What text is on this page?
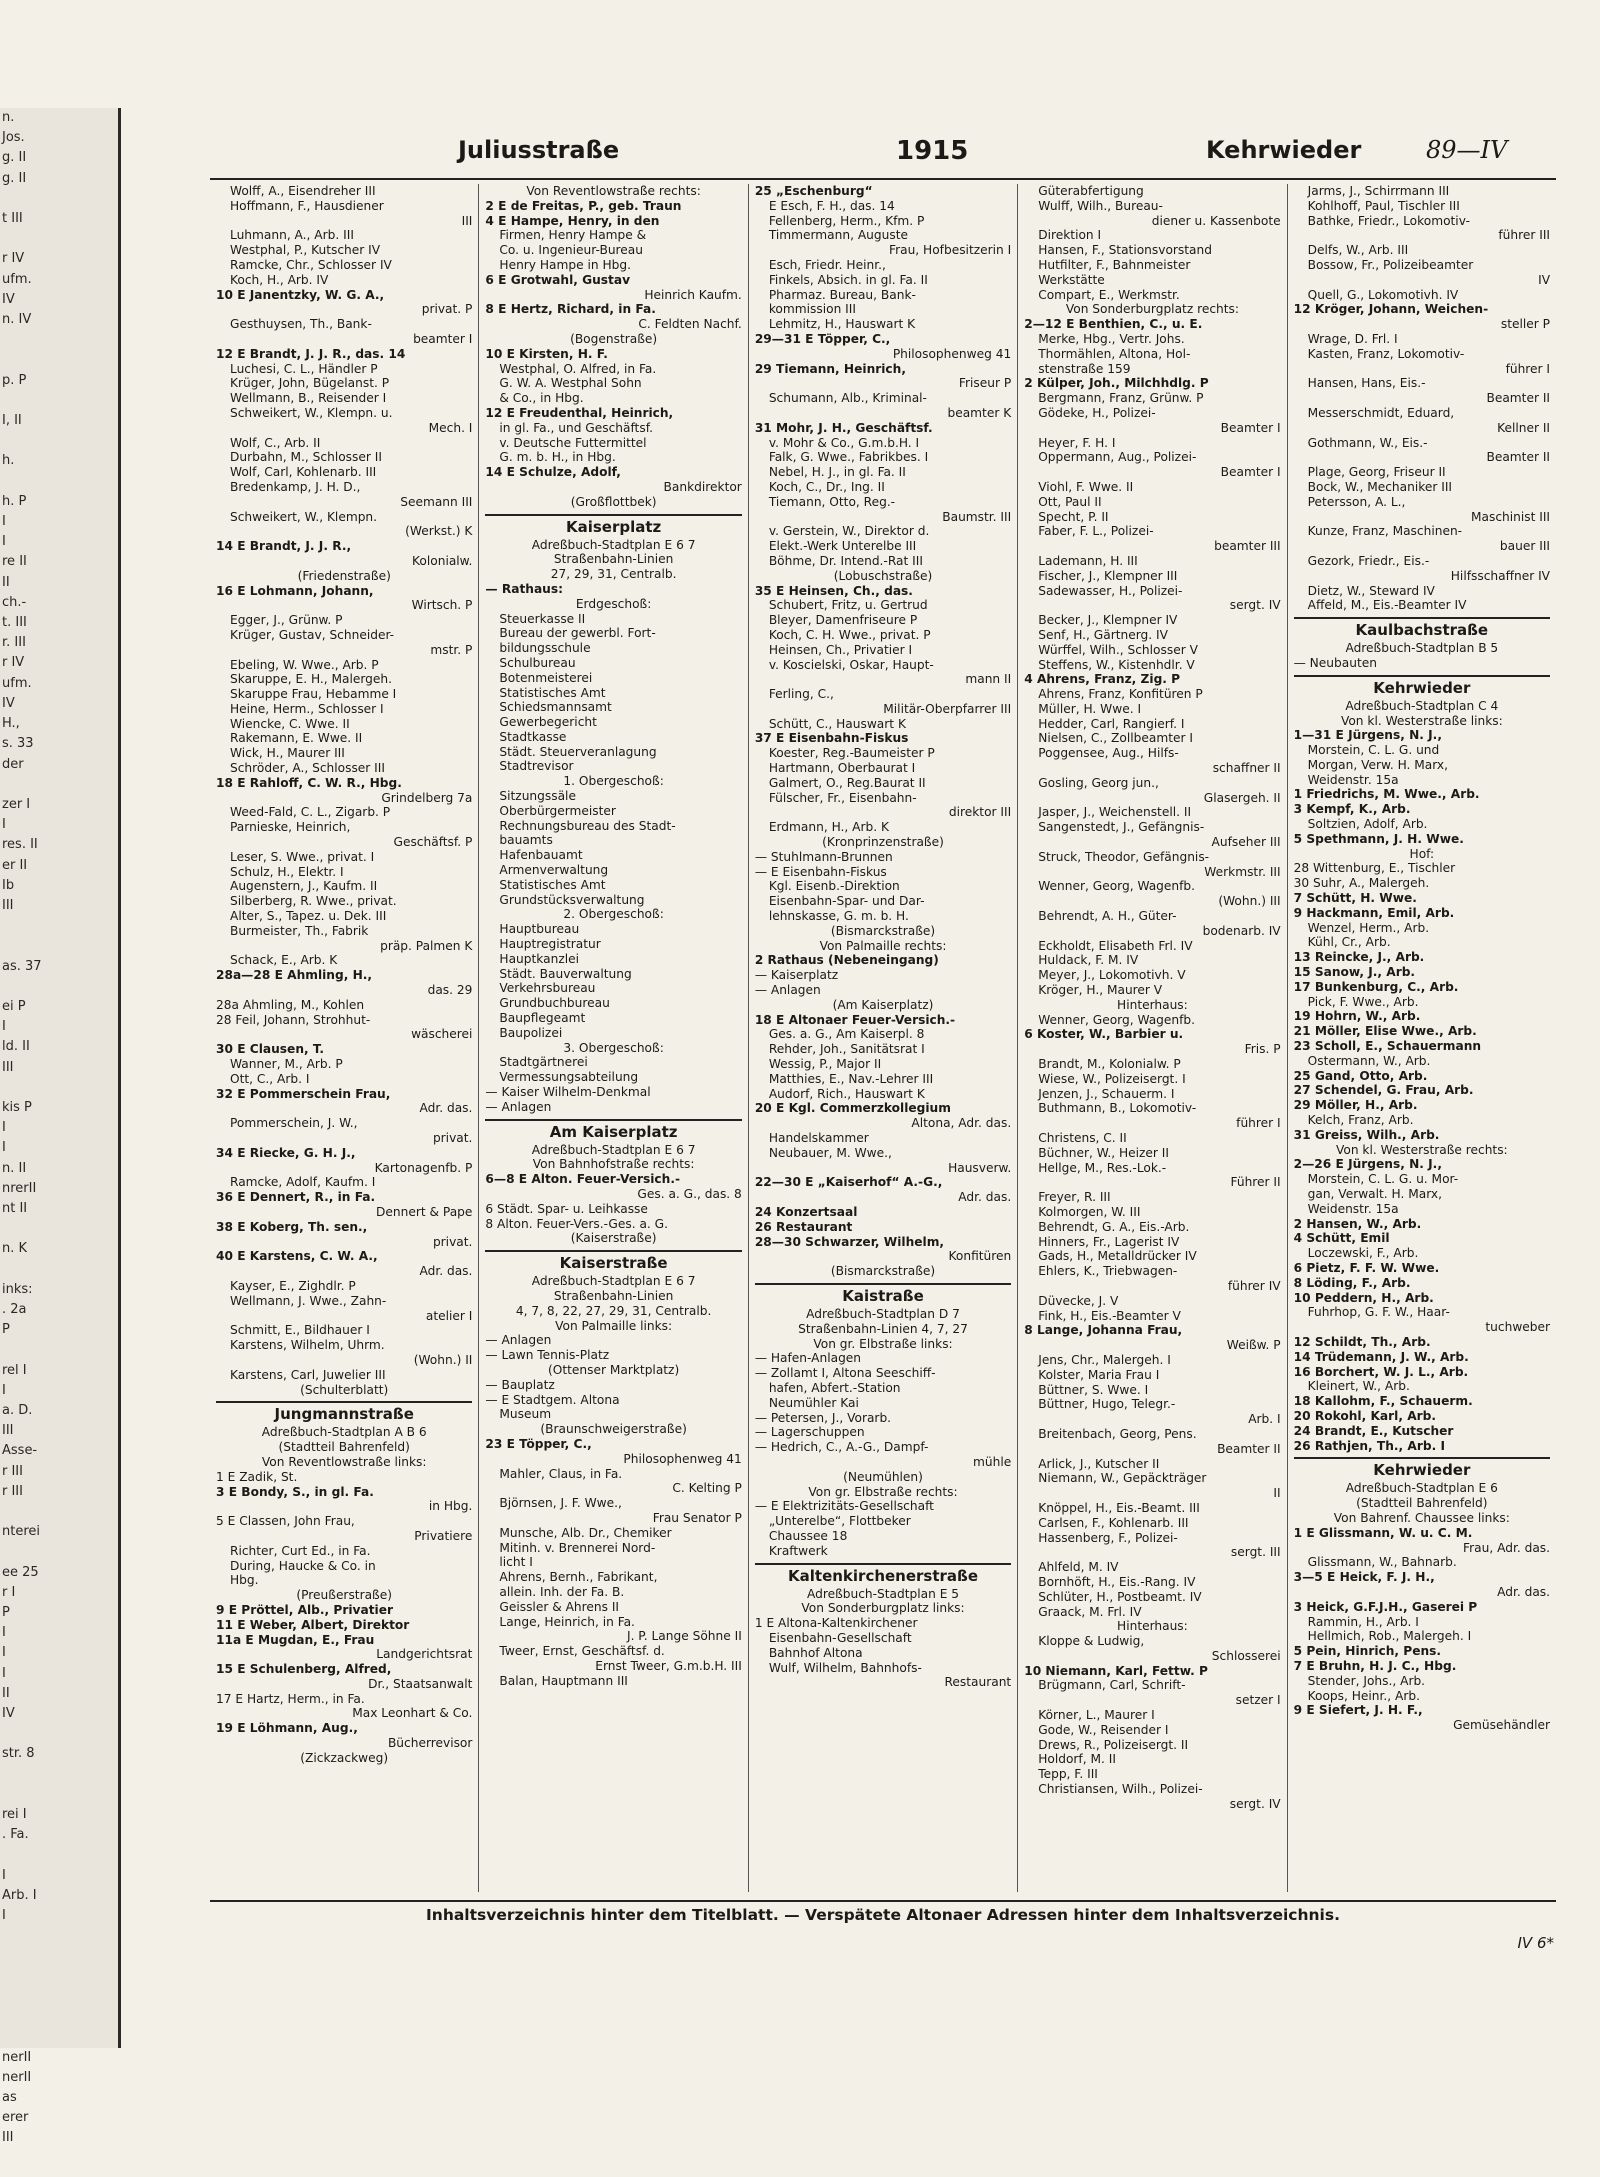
n.
Jos.
g. II
g. II

t III

r IV
ufm.
IV
n. IV

p. P

I, II

h.

h. P
I
I
re II
II
ch.-
t. III
r. III
r IV
ufm.
IV
H.,
s. 33
der

zer I
I
res. II
er II
Ib
III

as. 37

ei P
I
ld. II
III

kis P
I
I
n. II
nrerII
nt II

n. K

inks:
. 2a
P

rel I
I
a. D.
III
Asse-
r III
r III

nterei

ee 25
r I
P
I
I
I
II
IV

str. 8

rei I
. Fa.

I
Arb. I
I

nerII
nerII
as
erer
III
Juliusstraße	1915	Kehrwieder	89—IV
Wolff, A., Eisendreher III
Hoffmann, F., Hausdiener
III
Luhmann, A., Arb. III
Westphal, P., Kutscher IV
Ramcke, Chr., Schlosser IV
Koch, H., Arb. IV
10 E Janentzky, W. G. A.,
privat. P
Gesthuysen, Th., Bank-
beamter I
12 E Brandt, J. J. R., das. 14
Luchesi, C. L., Händler P
Krüger, John, Bügelanst. P
Wellmann, B., Reisender I
Schweikert, W., Klempn. u.
Mech. I
Wolf, C., Arb. II
Durbahn, M., Schlosser II
Wolf, Carl, Kohlenarb. III
Bredenkamp, J. H. D.,
Seemann III
Schweikert, W., Klempn.
(Werkst.) K
14 E Brandt, J. J. R.,
Kolonialw.
(Friedenstraße)
16 E Lohmann, Johann,
Wirtsch. P
Egger, J., Grünw. P
Krüger, Gustav, Schneider-
mstr. P
Ebeling, W. Wwe., Arb. P
Skaruppe, E. H., Malergeh.
Skaruppe Frau, Hebamme I
Heine, Herm., Schlosser I
Wiencke, C. Wwe. II
Rakemann, E. Wwe. II
Wick, H., Maurer III
Schröder, A., Schlosser III
18 E Rahloff, C. W. R., Hbg.
Grindelberg 7a
Weed-Fald, C. L., Zigarb. P
Parnieske, Heinrich,
Geschäftsf. P
Leser, S. Wwe., privat. I
Schulz, H., Elektr. I
Augenstern, J., Kaufm. II
Silberberg, R. Wwe., privat.
Alter, S., Tapez. u. Dek. III
Burmeister, Th., Fabrik
präp. Palmen K
Schack, E., Arb. K
28a—28 E Ahmling, H.,
das. 29
28a Ahmling, M., Kohlen
28 Feil, Johann, Strohhut-
wäscherei
30 E Clausen, T.
Wanner, M., Arb. P
Ott, C., Arb. I
32 E Pommerschein Frau,
Adr. das.
Pommerschein, J. W.,
privat.
34 E Riecke, G. H. J.,
Kartonagenfb. P
Ramcke, Adolf, Kaufm. I
36 E Dennert, R., in Fa.
Dennert & Pape
38 E Koberg, Th. sen.,
privat.
40 E Karstens, C. W. A.,
Adr. das.
Kayser, E., Zighdlr. P
Wellmann, J. Wwe., Zahn-
atelier I
Schmitt, E., Bildhauer I
Karstens, Wilhelm, Uhrm.
(Wohn.) II
Karstens, Carl, Juwelier III
(Schulterblatt)
Jungmannstraße
Adreßbuch-Stadtplan A B 6
(Stadtteil Bahrenfeld)
Von Reventlowstraße links:
1 E Zadik, St.
3 E Bondy, S., in gl. Fa.
in Hbg.
5 E Classen, John Frau,
Privatiere
Richter, Curt Ed., in Fa.
During, Haucke & Co. in
Hbg.
(Preußerstraße)
9 E Pröttel, Alb., Privatier
11 E Weber, Albert, Direktor
11a E Mugdan, E., Frau
Landgerichtsrat
15 E Schulenberg, Alfred,
Dr., Staatsanwalt
17 E Hartz, Herm., in Fa.
Max Leonhart & Co.
19 E Löhmann, Aug.,
Bücherrevisor
(Zickzackweg)
Von Reventlowstraße rechts:
2 E de Freitas, P., geb. Traun
4 E Hampe, Henry, in den
Firmen, Henry Hampe &
Co. u. Ingenieur-Bureau
Henry Hampe in Hbg.
6 E Grotwahl, Gustav
Heinrich Kaufm.
8 E Hertz, Richard, in Fa.
C. Feldten Nachf.
(Bogenstraße)
10 E Kirsten, H. F.
Westphal, O. Alfred, in Fa.
G. W. A. Westphal Sohn
& Co., in Hbg.
12 E Freudenthal, Heinrich,
in gl. Fa., und Geschäftsf.
v. Deutsche Futtermittel
G. m. b. H., in Hbg.
14 E Schulze, Adolf,
Bankdirektor
(Großflottbek)
Kaiserplatz
Adreßbuch-Stadtplan E 6 7
Straßenbahn-Linien
27, 29, 31, Centralb.
— Rathaus:
Erdgeschoß:
Steuerkasse II
Bureau der gewerbl. Fort-
bildungsschule
Schulbureau
Botenmeisterei
Statistisches Amt
Schiedsmannsamt
Gewerbegericht
Stadtkasse
Städt. Steuerveranlagung
Stadtrevisor
1. Obergeschoß:
Sitzungssäle
Oberbürgermeister
Rechnungsbureau des Stadt-
bauamts
Hafenbauamt
Armenverwaltung
Statistisches Amt
Grundstücksverwaltung
2. Obergeschoß:
Hauptbureau
Hauptregistratur
Hauptkanzlei
Städt. Bauverwaltung
Verkehrsbureau
Grundbuchbureau
Baupflegeamt
Baupolizei
3. Obergeschoß:
Stadtgärtnerei
Vermessungsabteilung
— Kaiser Wilhelm-Denkmal
— Anlagen
Am Kaiserplatz
Adreßbuch-Stadtplan E 6 7
Von Bahnhofstraße rechts:
6—8 E Alton. Feuer-Versich.-
Ges. a. G., das. 8
6 Städt. Spar- u. Leihkasse
8 Alton. Feuer-Vers.-Ges. a. G.
(Kaiserstraße)
Kaiserstraße
Adreßbuch-Stadtplan E 6 7
Straßenbahn-Linien
4, 7, 8, 22, 27, 29, 31, Centralb.
Von Palmaille links:
— Anlagen
— Lawn Tennis-Platz
(Ottenser Marktplatz)
— Bauplatz
— E Stadtgem. Altona
Museum
(Braunschweigerstraße)
23 E Töpper, C.,
Philosophenweg 41
Mahler, Claus, in Fa.
C. Kelting P
Björnsen, J. F. Wwe.,
Frau Senator P
Munsche, Alb. Dr., Chemiker
Mitinh. v. Brennerei Nord-
licht I
Ahrens, Bernh., Fabrikant,
allein. Inh. der Fa. B.
Geissler & Ahrens II
Lange, Heinrich, in Fa.
J. P. Lange Söhne II
Tweer, Ernst, Geschäftsf. d.
Ernst Tweer, G.m.b.H. III
Balan, Hauptmann III
25 „Eschenburg“
E Esch, F. H., das. 14
Fellenberg, Herm., Kfm. P
Timmermann, Auguste
Frau, Hofbesitzerin I
Esch, Friedr. Heinr.,
Finkels, Absich. in gl. Fa. II
Pharmaz. Bureau, Bank-
kommission III
Lehmitz, H., Hauswart K
29—31 E Töpper, C.,
Philosophenweg 41
29 Tiemann, Heinrich,
Friseur P
Schumann, Alb., Kriminal-
beamter K
31 Mohr, J. H., Geschäftsf.
v. Mohr & Co., G.m.b.H. I
Falk, G. Wwe., Fabrikbes. I
Nebel, H. J., in gl. Fa. II
Koch, C., Dr., Ing. II
Tiemann, Otto, Reg.-
Baumstr. III
v. Gerstein, W., Direktor d.
Elekt.-Werk Unterelbe III
Böhme, Dr. Intend.-Rat III
(Lobuschstraße)
35 E Heinsen, Ch., das.
Schubert, Fritz, u. Gertrud
Bleyer, Damenfriseure P
Koch, C. H. Wwe., privat. P
Heinsen, Ch., Privatier I
v. Koscielski, Oskar, Haupt-
mann II
Ferling, C.,
Militär-Oberpfarrer III
Schütt, C., Hauswart K
37 E Eisenbahn-Fiskus
Koester, Reg.-Baumeister P
Hartmann, Oberbaurat I
Galmert, O., Reg.Baurat II
Fülscher, Fr., Eisenbahn-
direktor III
Erdmann, H., Arb. K
(Kronprinzenstraße)
— Stuhlmann-Brunnen
— E Eisenbahn-Fiskus
Kgl. Eisenb.-Direktion
Eisenbahn-Spar- und Dar-
lehnskasse, G. m. b. H.
(Bismarckstraße)
Von Palmaille rechts:
2 Rathaus (Nebeneingang)
— Kaiserplatz
— Anlagen
(Am Kaiserplatz)
18 E Altonaer Feuer-Versich.-
Ges. a. G., Am Kaiserpl. 8
Rehder, Joh., Sanitätsrat I
Wessig, P., Major II
Matthies, E., Nav.-Lehrer III
Audorf, Rich., Hauswart K
20 E Kgl. Commerzkollegium
Altona, Adr. das.
Handelskammer
Neubauer, M. Wwe.,
Hausverw.
22—30 E „Kaiserhof“ A.-G.,
Adr. das.
24 Konzertsaal
26 Restaurant
28—30 Schwarzer, Wilhelm,
Konfitüren
(Bismarckstraße)
Kaistraße
Adreßbuch-Stadtplan D 7
Straßenbahn-Linien 4, 7, 27
Von gr. Elbstraße links:
— Hafen-Anlagen
— Zollamt I, Altona Seeschiff-
hafen, Abfert.-Station
Neumühler Kai
— Petersen, J., Vorarb.
— Lagerschuppen
— Hedrich, C., A.-G., Dampf-
mühle
(Neumühlen)
Von gr. Elbstraße rechts:
— E Elektrizitäts-Gesellschaft
„Unterelbe“, Flottbeker
Chaussee 18
Kraftwerk
Kaltenkirchenerstraße
Adreßbuch-Stadtplan E 5
Von Sonderburgplatz links:
1 E Altona-Kaltenkirchener
Eisenbahn-Gesellschaft
Bahnhof Altona
Wulf, Wilhelm, Bahnhofs-
Restaurant
Güterabfertigung
Wulff, Wilh., Bureau-
diener u. Kassenbote
Direktion I
Hansen, F., Stationsvorstand
Hutfilter, F., Bahnmeister
Werkstätte
Compart, E., Werkmstr.
Von Sonderburgplatz rechts:
2—12 E Benthien, C., u. E.
Merke, Hbg., Vertr. Johs.
Thormählen, Altona, Hol-
stenstraße 159
2 Külper, Joh., Milchhdlg. P
Bergmann, Franz, Grünw. P
Gödeke, H., Polizei-
Beamter I
Heyer, F. H. I
Oppermann, Aug., Polizei-
Beamter I
Viohl, F. Wwe. II
Ott, Paul II
Specht, P. II
Faber, F. L., Polizei-
beamter III
Lademann, H. III
Fischer, J., Klempner III
Sadewasser, H., Polizei-
sergt. IV
Becker, J., Klempner IV
Senf, H., Gärtnerg. IV
Würffel, Wilh., Schlosser V
Steffens, W., Kistenhdlr. V
4 Ahrens, Franz, Zig. P
Ahrens, Franz, Konfitüren P
Müller, H. Wwe. I
Hedder, Carl, Rangierf. I
Nielsen, C., Zollbeamter I
Poggensee, Aug., Hilfs-
schaffner II
Gosling, Georg jun.,
Glasergeh. II
Jasper, J., Weichenstell. II
Sangenstedt, J., Gefängnis-
Aufseher III
Struck, Theodor, Gefängnis-
Werkmstr. III
Wenner, Georg, Wagenfb.
(Wohn.) III
Behrendt, A. H., Güter-
bodenarb. IV
Eckholdt, Elisabeth Frl. IV
Huldack, F. M. IV
Meyer, J., Lokomotivh. V
Kröger, H., Maurer V
Hinterhaus:
Wenner, Georg, Wagenfb.
6 Koster, W., Barbier u.
Fris. P
Brandt, M., Kolonialw. P
Wiese, W., Polizeisergt. I
Jenzen, J., Schauerm. I
Buthmann, B., Lokomotiv-
führer I
Christens, C. II
Büchner, W., Heizer II
Hellge, M., Res.-Lok.-
Führer II
Freyer, R. III
Kolmorgen, W. III
Behrendt, G. A., Eis.-Arb.
Hinners, Fr., Lagerist IV
Gads, H., Metalldrücker IV
Ehlers, K., Triebwagen-
führer IV
Düvecke, J. V
Fink, H., Eis.-Beamter V
8 Lange, Johanna Frau,
Weißw. P
Jens, Chr., Malergeh. I
Kolster, Maria Frau I
Büttner, S. Wwe. I
Büttner, Hugo, Telegr.-
Arb. I
Breitenbach, Georg, Pens.
Beamter II
Arlick, J., Kutscher II
Niemann, W., Gepäckträger
II
Knöppel, H., Eis.-Beamt. III
Carlsen, F., Kohlenarb. III
Hassenberg, F., Polizei-
sergt. III
Ahlfeld, M. IV
Bornhöft, H., Eis.-Rang. IV
Schlüter, H., Postbeamt. IV
Graack, M. Frl. IV
Hinterhaus:
Kloppe & Ludwig,
Schlosserei
10 Niemann, Karl, Fettw. P
Brügmann, Carl, Schrift-
setzer I
Körner, L., Maurer I
Gode, W., Reisender I
Drews, R., Polizeisergt. II
Holdorf, M. II
Tepp, F. III
Christiansen, Wilh., Polizei-
sergt. IV
Jarms, J., Schirrmann III
Kohlhoff, Paul, Tischler III
Bathke, Friedr., Lokomotiv-
führer III
Delfs, W., Arb. III
Bossow, Fr., Polizeibeamter
IV
Quell, G., Lokomotivh. IV
12 Kröger, Johann, Weichen-
steller P
Wrage, D. Frl. I
Kasten, Franz, Lokomotiv-
führer I
Hansen, Hans, Eis.-
Beamter II
Messerschmidt, Eduard,
Kellner II
Gothmann, W., Eis.-
Beamter II
Plage, Georg, Friseur II
Bock, W., Mechaniker III
Petersson, A. L.,
Maschinist III
Kunze, Franz, Maschinen-
bauer III
Gezork, Friedr., Eis.-
Hilfsschaffner IV
Dietz, W., Steward IV
Affeld, M., Eis.-Beamter IV
Kaulbachstraße
Adreßbuch-Stadtplan B 5
— Neubauten
Kehrwieder
Adreßbuch-Stadtplan C 4
Von kl. Westerstraße links:
1—31 E Jürgens, N. J.,
Morstein, C. L. G. und
Morgan, Verw. H. Marx,
Weidenstr. 15a
1 Friedrichs, M. Wwe., Arb.
3 Kempf, K., Arb.
Soltzien, Adolf, Arb.
5 Spethmann, J. H. Wwe.
Hof:
28 Wittenburg, E., Tischler
30 Suhr, A., Malergeh.
7 Schütt, H. Wwe.
9 Hackmann, Emil, Arb.
Wenzel, Herm., Arb.
Kühl, Cr., Arb.
13 Reincke, J., Arb.
15 Sanow, J., Arb.
17 Bunkenburg, C., Arb.
Pick, F. Wwe., Arb.
19 Hohrn, W., Arb.
21 Möller, Elise Wwe., Arb.
23 Scholl, E., Schauermann
Ostermann, W., Arb.
25 Gand, Otto, Arb.
27 Schendel, G. Frau, Arb.
29 Möller, H., Arb.
Kelch, Franz, Arb.
31 Greiss, Wilh., Arb.
Von kl. Westerstraße rechts:
2—26 E Jürgens, N. J.,
Morstein, C. L. G. u. Mor-
gan, Verwalt. H. Marx,
Weidenstr. 15a
2 Hansen, W., Arb.
4 Schütt, Emil
Loczewski, F., Arb.
6 Pietz, F. F. W. Wwe.
8 Löding, F., Arb.
10 Peddern, H., Arb.
Fuhrhop, G. F. W., Haar-
tuchweber
12 Schildt, Th., Arb.
14 Trüdemann, J. W., Arb.
16 Borchert, W. J. L., Arb.
Kleinert, W., Arb.
18 Kallohm, F., Schauerm.
20 Rokohl, Karl, Arb.
24 Brandt, E., Kutscher
26 Rathjen, Th., Arb. I
Kehrwieder
Adreßbuch-Stadtplan E 6
(Stadtteil Bahrenfeld)
Von Bahrenf. Chaussee links:
1 E Glissmann, W. u. C. M.
Frau, Adr. das.
Glissmann, W., Bahnarb.
3—5 E Heick, F. J. H.,
Adr. das.
3 Heick, G.F.J.H., Gaserei P
Rammin, H., Arb. I
Hellmich, Rob., Malergeh. I
5 Pein, Hinrich, Pens.
7 E Bruhn, H. J. C., Hbg.
Stender, Johs., Arb.
Koops, Heinr., Arb.
9 E Siefert, J. H. F.,
Gemüsehändler
Inhaltsverzeichnis hinter dem Titelblatt. — Verspätete Altonaer Adressen hinter dem Inhaltsverzeichnis.
IV 6*
